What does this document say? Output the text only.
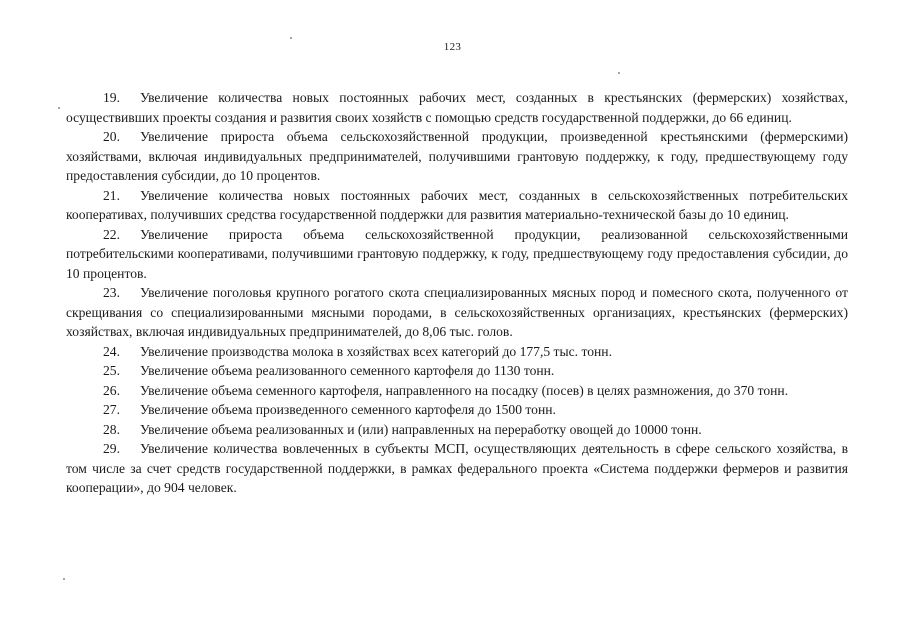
123

19. Увеличение количества новых постоянных рабочих мест, созданных в крестьянских (фермерских) хозяйствах, осуществивших проекты создания и развития своих хозяйств с помощью средств государственной поддержки, до 66 единиц.

20. Увеличение прироста объема сельскохозяйственной продукции, произведенной крестьянскими (фермерскими) хозяйствами, включая индивидуальных предпринимателей, получившими грантовую поддержку, к году, предшествующему году предоставления субсидии, до 10 процентов.

21. Увеличение количества новых постоянных рабочих мест, созданных в сельскохозяйственных потребительских кооперативах, получивших средства государственной поддержки для развития материально-технической базы до 10 единиц.

22. Увеличение прироста объема сельскохозяйственной продукции, реализованной сельскохозяйственными потребительскими кооперативами, получившими грантовую поддержку, к году, предшествующему году предоставления субсидии, до 10 процентов.

23. Увеличение поголовья крупного рогатого скота специализированных мясных пород и помесного скота, полученного от скрещивания со специализированными мясными породами, в сельскохозяйственных организациях, крестьянских (фермерских) хозяйствах, включая индивидуальных предпринимателей, до 8,06 тыс. голов.

24. Увеличение производства молока в хозяйствах всех категорий до 177,5 тыс. тонн.

25. Увеличение объема реализованного семенного картофеля до 1130 тонн.

26. Увеличение объема семенного картофеля, направленного на посадку (посев) в целях размножения, до 370 тонн.

27. Увеличение объема произведенного семенного картофеля до 1500 тонн.

28. Увеличение объема реализованных и (или) направленных на переработку овощей до 10000 тонн.

29. Увеличение количества вовлеченных в субъекты МСП, осуществляющих деятельность в сфере сельского хозяйства, в том числе за счет средств государственной поддержки, в рамках федерального проекта «Система поддержки фермеров и развития кооперации», до 904 человек.
